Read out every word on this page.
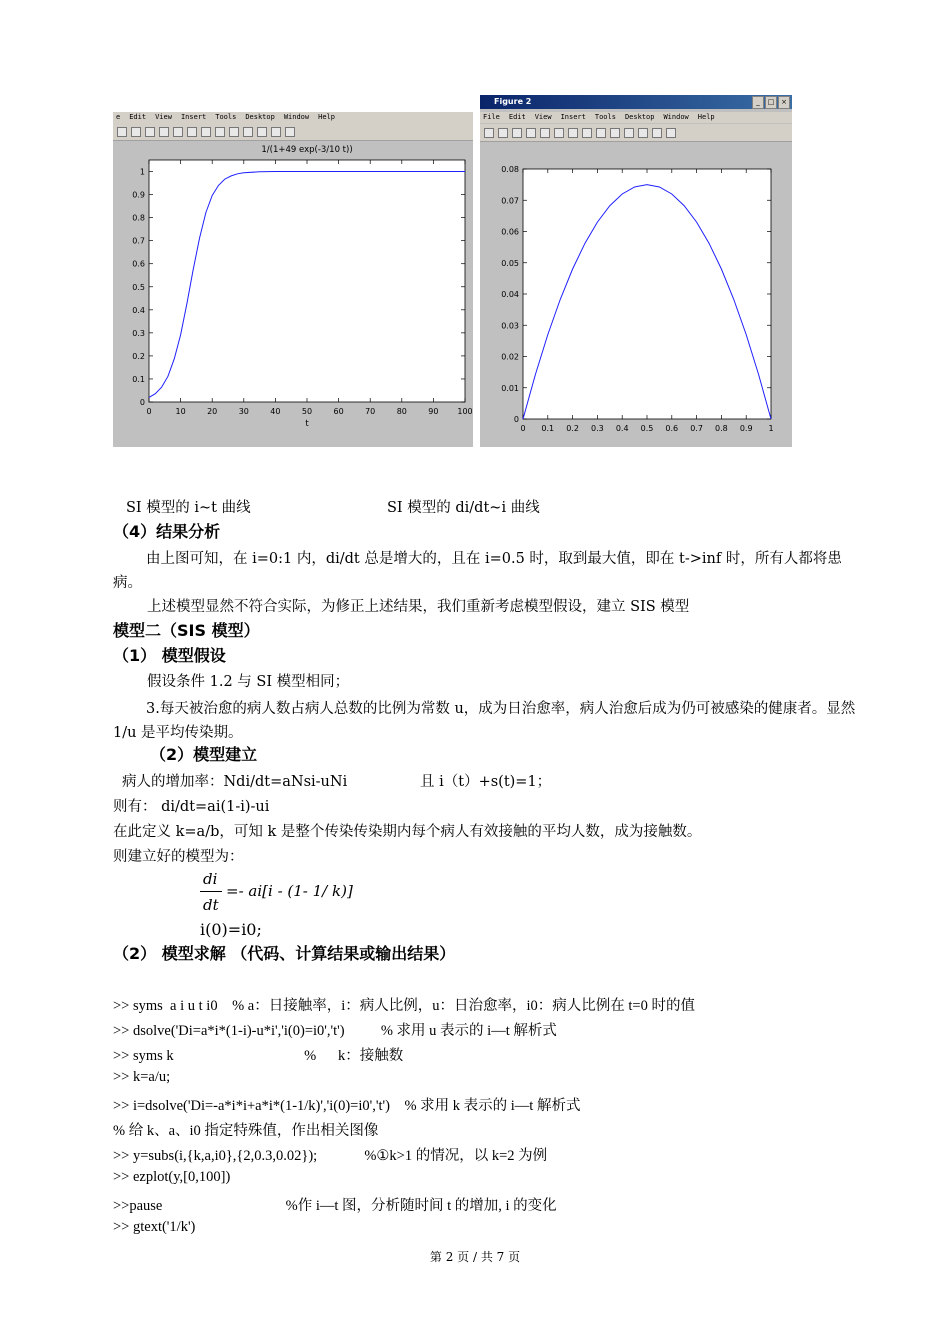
e Edit View Insert Tools Desktop Window Help
0	10	20	30	40	50	60	70	80	90 100
0
0.1
0.2
0.3
0.4
0.5
0.6
0.7
0.8
0.9
1
1/(1+49 exp(-3/10 t))
t
Figure 2	_	□ ×
File Edit View Insert Tools Desktop Window Help
0 0.1 0.2 0.3 0.4 0.5 0.6 0.7 0.8 0.9 1
0
0.01
0.02
0.03
0.04
0.05
0.06
0.07
0.08
SI 模型的 i~t 曲线	SI 模型的 di/dt~i 曲线
（4）结果分析
由上图可知，在 i=0:1 内，di/dt 总是增大的，且在 i=0.5 时，取到最大值，即在 t->inf 时，所有人都将患病。
上述模型显然不符合实际，为修正上述结果，我们重新考虑模型假设，建立 SIS 模型
模型二（SIS 模型）
（1） 模型假设
假设条件 1.2 与 SI 模型相同；
3.每天被治愈的病人数占病人总数的比例为常数 u，成为日治愈率，病人治愈后成为仍可被感染的健康者。显然 1/u 是平均传染期。
（2）模型建立
病人的增加率：Ndi/dt=aNsi-uNi	且 i（t）+s(t)=1；
则有： di/dt=ai(1-i)-ui
在此定义 k=a/b，可知 k 是整个传染传染期内每个病人有效接触的平均人数，成为接触数。
则建立好的模型为：
di
dt
=- ai[i - (1- 1/ k)]
i(0)=i0;
（2） 模型求解 （代码、计算结果或输出结果）
>> syms  a i u t i0    % a：日接触率，i：病人比例，u：日治愈率，i0：病人比例在 t=0 时的值
>> dsolve('Di=a*i*(1-i)-u*i','i(0)=i0','t')          % 求用 u 表示的 i—t 解析式
>> syms k                                    %      k：接触数
>> k=a/u;
>> i=dsolve('Di=-a*i*i+a*i*(1-1/k)','i(0)=i0','t')    % 求用 k 表示的 i—t 解析式
% 给 k、a、i0 指定特殊值，作出相关图像
>> y=subs(i,{k,a,i0},{2,0.3,0.02});             %①k>1 的情况，以 k=2 为例
>> ezplot(y,[0,100])
>>pause                                  %作 i—t 图，分析随时间 t 的增加, i 的变化
>> gtext('1/k')
第 2 页 / 共 7 页
